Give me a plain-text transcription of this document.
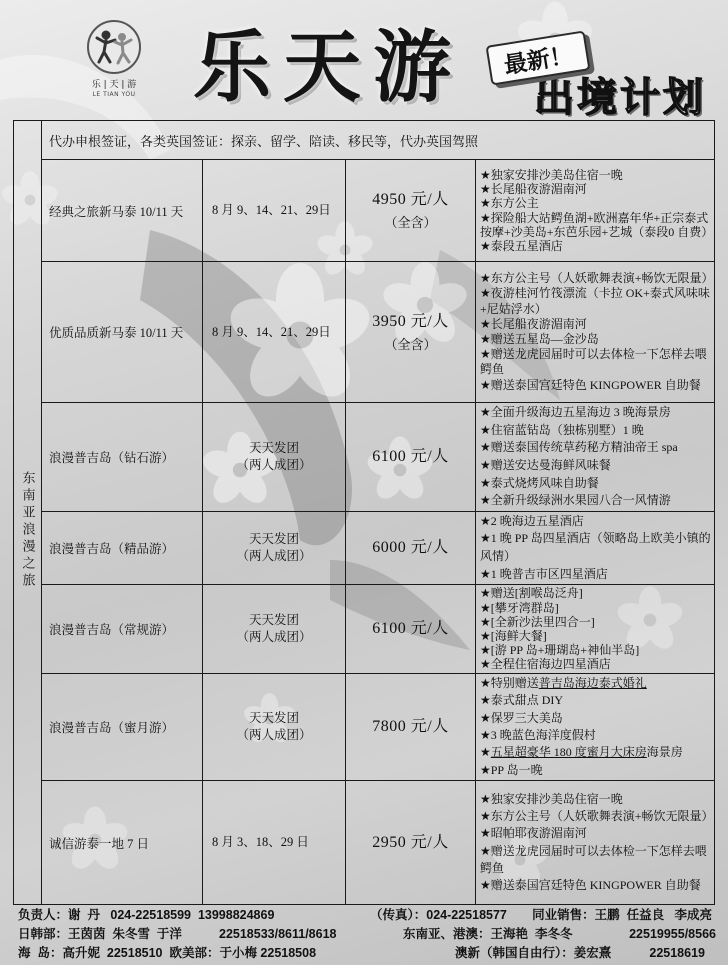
乐 | 天 | 游
LE TIAN YOU 乐天游	最新！
出境计划
东南亚浪漫之旅
代办申根签证，各类英国签证：探亲、留学、陪读、移民等，代办英国驾照
经典之旅新马泰 10/11 天 8 月 9、14、21、29日
4950 元/人
（全含）

★独家安排沙美岛住宿一晚

★长尾船夜游湄南河

★东方公主

★探险船大站鳄鱼湖+欧洲嘉年华+正宗泰式按摩+沙美岛+东芭乐园+艺城（泰段0 自费）

★泰段五星酒店

优质品质新马泰 10/11 天 8 月 9、14、21、29日
3950 元/人
（全含）

★东方公主号（人妖歌舞表演+畅饮无限量）

★夜游桂河竹筏漂流（卡拉 OK+泰式风味味+尼姑浮水）

★长尾船夜游湄南河

★赠送五星岛—金沙岛

★赠送龙虎园届时可以去体检一下怎样去喂鳄鱼

★赠送泰国宫廷特色 KINGPOWER 自助餐

浪漫普吉岛（钻石游）
天天发团
（两人成团）	6100 元/人

★全面升级海边五星海边 3 晚海景房

★住宿蓝钻岛（独栋别墅）1 晚

★赠送泰国传统草药秘方精油帝王 spa

★赠送安达曼海鲜风味餐

★泰式烧烤风味自助餐

★全新升级绿洲水果园八合一风情游

浪漫普吉岛（精品游）
天天发团
（两人成团）	6000 元/人

★2 晚海边五星酒店

★1 晚 PP 岛四星酒店（领略岛上欧美小镇的风情）

★1 晚普吉市区四星酒店

浪漫普吉岛（常规游）
天天发团
（两人成团）	6100 元/人

★赠送[割喉岛泛舟]

★[攀牙湾群岛]

★[全新沙法里四合一]

★[海鲜大餐]

★[游 PP 岛+珊瑚岛+神仙半岛]

★全程住宿海边四星酒店

浪漫普吉岛（蜜月游）
天天发团
（两人成团）	7800 元/人

★特别赠送普吉岛海边泰式婚礼

★泰式甜点 DIY

★保罗三大美岛

★3 晚蓝色海洋度假村

★五星超豪华 180 度蜜月大床房海景房

★PP 岛一晚

诚信游泰一地 7 日	8 月 3、18、29 日	2950 元/人

★独家安排沙美岛住宿一晚

★东方公主号（人妖歌舞表演+畅饮无限量）

★昭帕耶夜游湄南河

★赠送龙虎园届时可以去体检一下怎样去喂鳄鱼

★赠送泰国宫廷特色 KINGPOWER 自助餐

负责人：谢  丹   024-22518599  13998824869	（传真）：024-22518577 同业销售：王鹏  任益良   李成亮
日韩部：王茵茵  朱冬雪  于洋	22518533/8611/8618	东南亚、港澳：王海艳  李冬冬	22519955/8566
海  岛：高升妮  22518510  欧美部：于小梅 22518508	澳新（韩国自由行）：姜宏熹	22518619
